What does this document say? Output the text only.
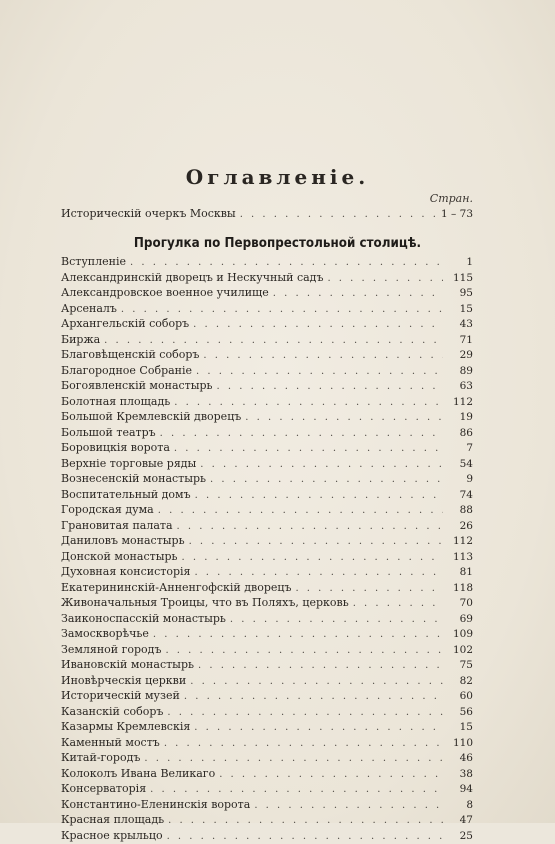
Оглавленіе.
Стран.
Историческій очеркъ Москвы . . .	1 – 73
Прогулка по Первопрестольной столицѣ.
Вступленіе . . .	1
Александринскій дворецъ и Нескучный садъ . . .	115
Александровское военное училище . . .	95
Арсеналъ . . .	15
Архангельскій соборъ . . .	43
Биржа . . .	71
Благовѣщенскій соборъ . . .	29
Благородное Собраніе . . .	89
Богоявленскій монастырь . . .	63
Болотная площадь . . .	112
Большой Кремлевскій дворецъ . . .	19
Большой театръ . . .	86
Боровицкія ворота . . .	7
Верхніе торговые ряды . . .	54
Вознесенскій монастырь . . .	9
Воспитательный домъ . . .	74
Городская дума . . .	88
Грановитая палата . . .	26
Даниловъ монастырь . . .	112
Донской монастырь . . .	113
Духовная консисторія . . .	81
Екатерининскій-Анненгофскій дворецъ . . .	118
Живоначальныя Троицы, что въ Поляхъ, церковь . . .	70
Заиконоспасскій монастырь . . .	69
Замоскворѣчье . . .	109
Земляной городъ . . .	102
Ивановскій монастырь . . .	75
Иновѣрческія церкви . . .	82
Историческій музей . . .	60
Казанскій соборъ . . .	56
Казармы Кремлевскія . . .	15
Каменный мостъ . . .	110
Китай-городъ . . .	46
Колоколъ Ивана Великаго . . .	38
Консерваторія . . .	94
Константино-Еленинскія ворота . . .	8
Красная площадь . . .	47
Красное крыльцо . . .	25
